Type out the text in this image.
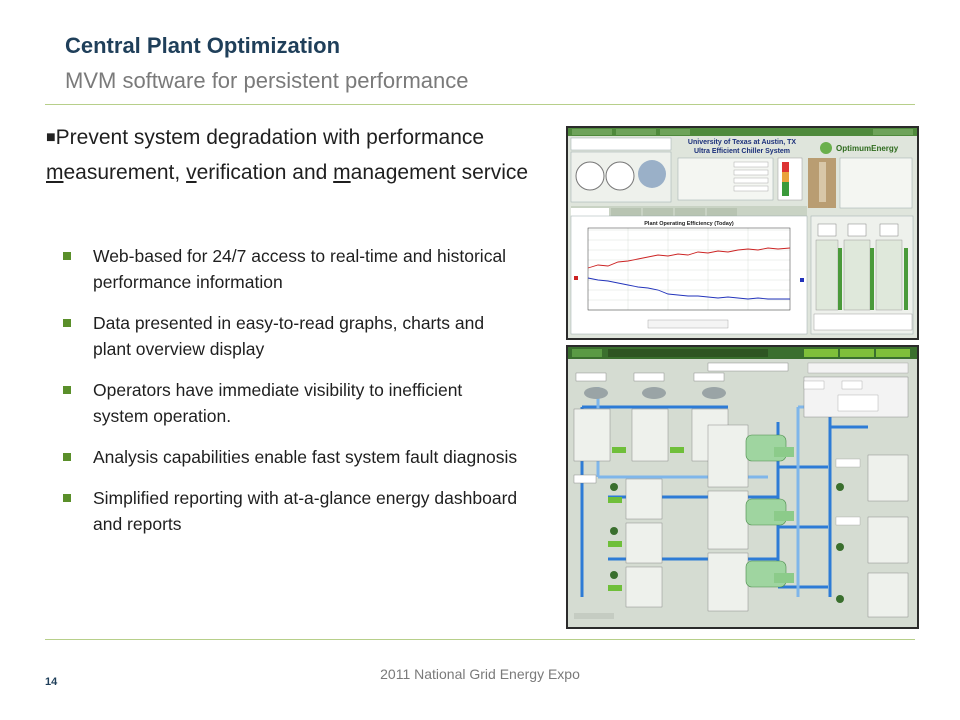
Central Plant Optimization
MVM software for persistent performance
■Prevent system degradation with performance measurement, verification and management service
Web-based for 24/7 access to real-time and historical performance information
Data presented in easy-to-read graphs, charts and plant overview display
Operators have immediate visibility to inefficient system operation.
Analysis capabilities enable fast system fault diagnosis
Simplified reporting with at-a-glance energy dashboard and reports
University of Texas at Austin, TX
Ultra Efficient Chiller System	OptimumEnergy
Plant Operating Efficiency (Today)
2011 National Grid Energy Expo
14
